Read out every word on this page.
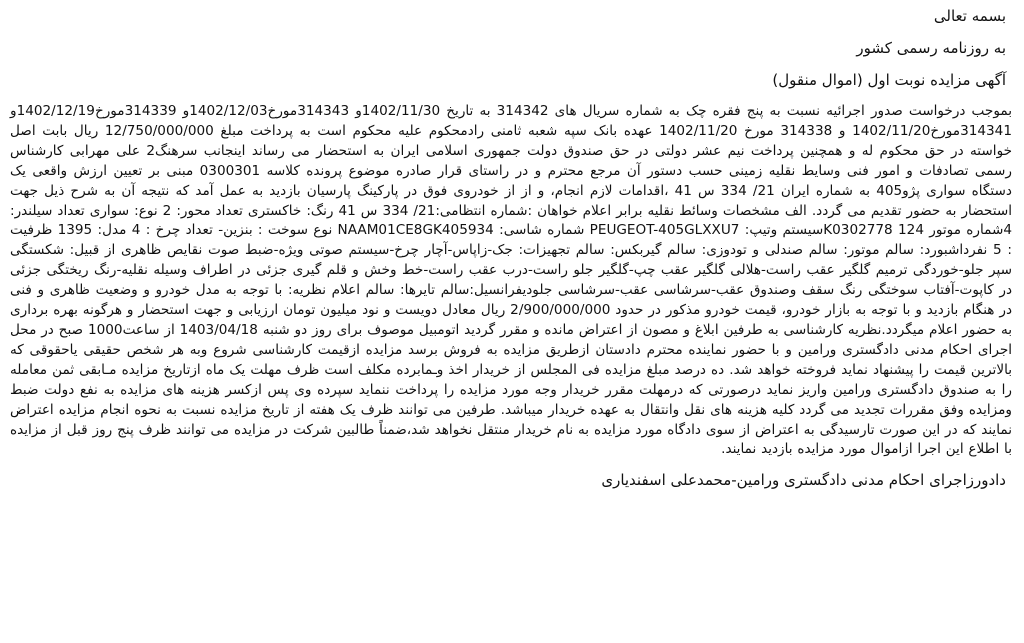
بسمه تعالی
به روزنامه رسمی کشور
آگهی مزایده نوبت اول (اموال منقول)
بموجب درخواست صدور اجرائیه نسبت به پنج فقره چک به شماره سریال های 314342 به تاریخ 1402/11/30و 314343مورخ1402/12/03و 314339مورخ1402/12/19و 314341مورخ1402/11/20 و 314338 مورخ 1402/11/20 عهده بانک سپه شعبه ثامنی رادمحکوم علیه محکوم است به پرداخت مبلغ 12/750/000/000 ریال بابت اصل خواسته در حق محکوم له و همچنین پرداخت نیم عشر دولتی در حق صندوق دولت جمهوری اسلامی ایران به استحضار می رساند اینجانب سرهنگ2 علی مهرابی کارشناس رسمی تصادفات و امور فنی وسایط نقلیه زمینی حسب دستور آن مرجع محترم و در راستای قرار صادره موضوع پرونده کلاسه 0300301 مبنی بر تعیین ارزش واقعی یک دستگاه سواری پژو405 به شماره ایران 21/ 334 س 41 ،اقدامات لازم انجام، و از از خودروی فوق در پارکینگ پارسیان بازدید به عمل آمد که نتیجه آن به شرح ذیل جهت استحضار به حضور تقدیم می گردد. الف مشخصات وسائط نقلیه برابر اعلام خواهان :شماره انتظامی:21/ 334 س 41 رنگ: خاکستری تعداد محور: 2 نوع: سواری تعداد سیلندر: 4شماره موتور 124 K0302778سیستم وتیپ: PEUGEOT-405GLXXU7 شماره شاسی: NAAM01CE8GK405934 نوع سوخت : بنزین- تعداد چرخ : 4 مدل: 1395 ظرفیت : 5 نفرداشبورد: سالم موتور: سالم صندلی و تودوزی: سالم گیربکس: سالم تجهیزات: جک-زاپاس-آچار چرخ-سیستم صوتی ویژه-ضبط صوت نقایص ظاهری از قبیل: شکستگی سپر جلو-خوردگی ترمیم گلگیر عقب راست-هلالی گلگیر عقب چپ-گلگیر جلو راست-درب عقب راست-خط وخش و قلم گیری جزئی در اطراف وسیله نقلیه-رنگ ریختگی جزئی در کاپوت-آفتاب سوختگی رنگ سقف وصندوق عقب-سرشاسی عقب-سرشاسی جلودیفرانسیل:سالم تایرها: سالم اعلام نظریه: با توجه به مدل خودرو و وضعیت ظاهری و فنی در هنگام بازدید و با توجه به بازار خودرو، قیمت خودرو مذکور در حدود 2/900/000/000 ریال معادل دویست و نود میلیون تومان ارزیابی و جهت استحضار و هرگونه بهره برداری به حضور اعلام میگردد.نظریه کارشناسی به طرفین ابلاغ و مصون از اعتراض مانده و مقرر گردید اتومبیل موصوف برای روز دو شنبه 1403/04/18 از ساعت1000 صبح در محل اجرای احکام مدنی دادگستری ورامین و با حضور نماینده محترم دادستان ازطریق مزایده به فروش برسد مزایده ازقیمت کارشناسی شروع وبه هر شخص حقیقی یاحقوقی که بالاترین قیمت را پیشنهاد نماید فروخته خواهد شد. ده درصد مبلغ مزایده فی المجلس از خریدار اخذ وـمابرده مکلف است ظرف مهلت یک ماه ازتاریخ مزایده مـابقی ثمن معامله را به صندوق دادگستری ورامین واریز نماید درصورتی که درمهلت مقرر خریدار وجه مورد مزایده را پرداخت ننماید سپرده وی پس ازکسر هزینه های مزایده به نفع دولت ضبط ومزایده وفق مقررات تجدید می گردد کلیه هزینه های نقل وانتقال به عهده خریدار میباشد. طرفین می توانند ظرف یک هفته از تاریخ مزایده نسبت به نحوه انجام مزایده اعتراض نمایند که در این صورت تارسیدگی به اعتراض از سوی دادگاه مورد مزایده به نام خریدار منتقل نخواهد شد،ضمناً طالبین شرکت در مزایده می توانند ظرف پنج روز قبل از مزایده با اطلاع این اجرا ازاموال مورد مزایده بازدید نمایند.
دادورزاجرای احکام مدنی دادگستری ورامین-محمدعلی اسفندیاری
